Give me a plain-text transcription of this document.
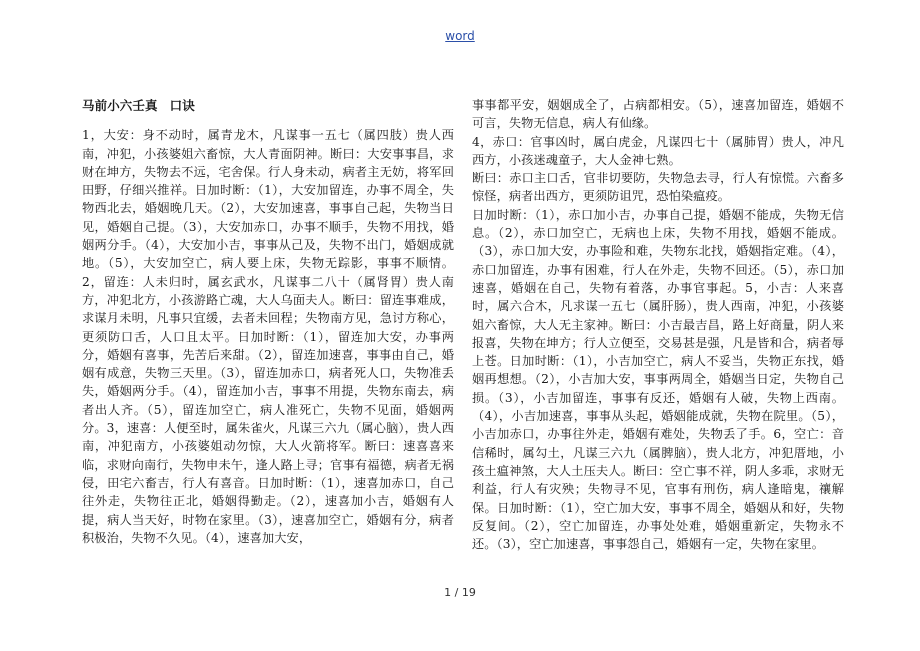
word
马前小六壬真 口诀

1，大安：身不动时，属青龙木，凡谋事一五七（属四肢）贵人西南，冲犯，小孩婆姐六畜惊，大人青面阴神。断曰：大安事事昌，求财在坤方，失物去不远，宅舍保。行人身未动，病者主无妨，将军回田野，仔细兴推祥。日加时断：（1），大安加留连，办事不周全，失物西北去，婚姻晚几天。（2），大安加速喜，事事自己起，失物当日见，婚姻自己提。（3），大安加赤口，办事不顺手，失物不用找，婚姻两分手。（4），大安加小吉，事事从己及，失物不出门，婚姻成就地。（5），大安加空亡，病人要上床，失物无踪影，事事不顺情。2，留连：人未归时，属玄武水，凡谋事二八十（属肾胃）贵人南方，冲犯北方，小孩游路亡魂，大人乌面夫人。断曰：留连事难成，求谋月未明，凡事只宜缓，去者未回程；失物南方见，急讨方称心，更须防口舌，人口且太平。日加时断：（1），留连加大安，办事两分，婚姻有喜事，先苦后来甜。（2），留连加速喜，事事由自己，婚姻有成意，失物三天里。（3），留连加赤口，病者死人口，失物准丢失，婚姻两分手。（4），留连加小吉，事事不用提，失物东南去，病者出人齐。（5），留连加空亡，病人准死亡，失物不见面，婚姻两分。3，速喜：人便至时，属朱雀火，凡谋三六九（属心脑），贵人西南，冲犯南方，小孩婆姐动勿惊，大人火箭将军。断曰：速喜喜来临，求财向南行，失物申未午，逢人路上寻；官事有福德，病者无祸侵，田宅六畜吉，行人有喜音。日加时断：（1），速喜加赤口，自己往外走，失物往正北，婚姻得勤走。（2），速喜加小吉，婚姻有人提，病人当天好，时物在家里。（3），速喜加空亡，婚姻有分，病者积极治，失物不久见。（4），速喜加大安，

事事都平安，姻姻成全了，占病都相安。（5），速喜加留连，婚姻不可言，失物无信息，病人有仙缘。

4，赤口：官事凶时，属白虎金，凡谋四七十（属肺胃）贵人，冲凡西方，小孩迷魂童子，大人金神七熟。

断曰：赤口主口舌，官非切要防，失物急去寻，行人有惊慌。六畜多惊怪，病者出西方，更须防诅咒，恐怕染瘟疫。

日加时断：（1），赤口加小吉，办事自己提，婚姻不能成，失物无信息。（2），赤口加空亡，无病也上床，失物不用找，婚姻不能成。（3），赤口加大安，办事险和难，失物东北找，婚姻指定难。（4），赤口加留连，办事有困难，行人在外走，失物不回还。（5），赤口加速喜，婚姻在自己，失物有着落，办事官事起。5，小吉：人来喜时，属六合木，凡求谋一五七（属肝肠），贵人西南，冲犯，小孩婆姐六畜惊，大人无主家神。断曰：小吉最吉昌，路上好商量，阴人来报喜，失物在坤方；行人立便至，交易甚是强，凡是皆和合，病者辱上苍。日加时断：（1），小吉加空亡，病人不妥当，失物正东找，婚姻再想想。（2），小吉加大安，事事两周全，婚姻当日定，失物自己损。（3），小吉加留连，事事有反还，婚姻有人破，失物上西南。（4），小吉加速喜，事事从头起，婚姻能成就，失物在院里。（5），小吉加赤口，办事往外走，婚姻有难处，失物丢了手。6，空亡：音信稀时，属勾土，凡谋三六九（属脾脑），贵人北方，冲犯厝地，小孩土瘟神煞，大人土压夫人。断曰：空亡事不祥，阴人多乖，求财无利益，行人有灾殃；失物寻不见，官事有刑伤，病人逢暗鬼，禳解保。日加时断：（1），空亡加大安，事事不周全，婚姻从和好，失物反复间。（2），空亡加留连，办事处处难，婚姻重新定，失物永不还。（3），空亡加速喜，事事怨自己，婚姻有一定，失物在家里。

1 / 19
